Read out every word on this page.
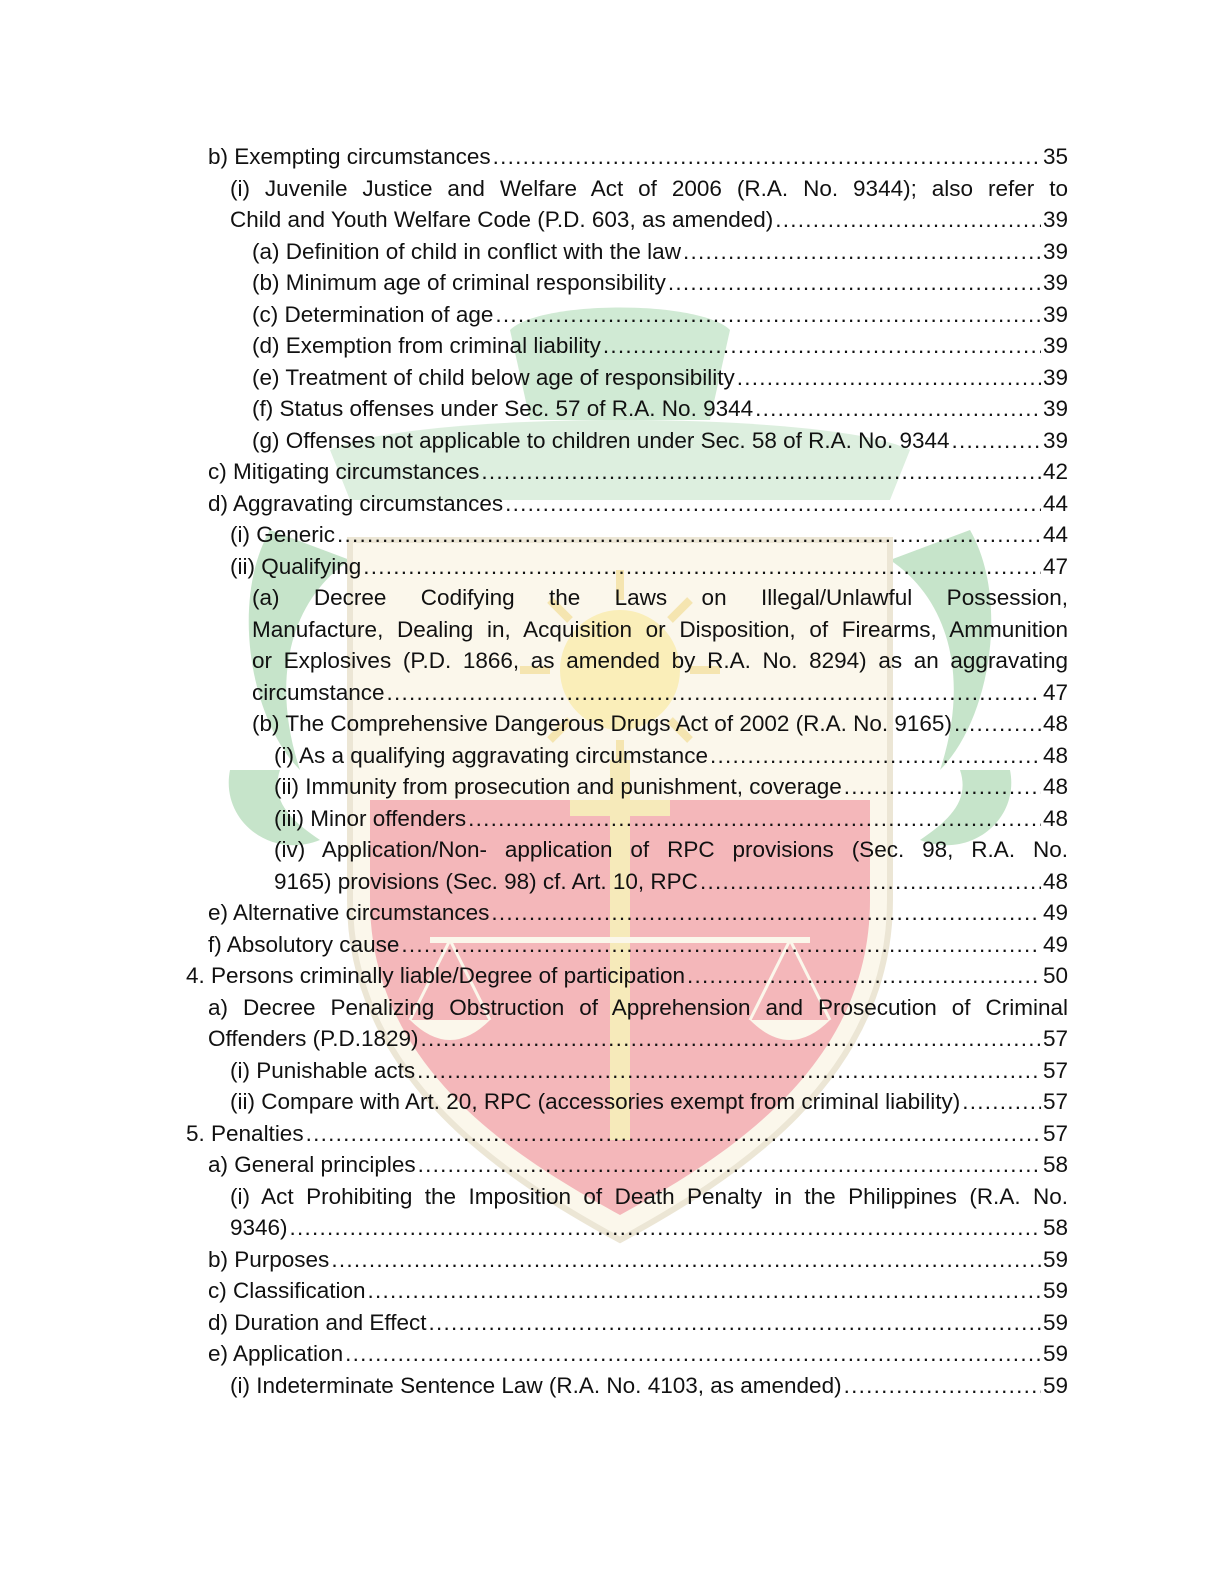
b) Exempting circumstances . . .	35
(i) Juvenile Justice and Welfare Act of 2006 (R.A. No. 9344); also refer to
Child and Youth Welfare Code (P.D. 603, as amended) . . .	39
(a) Definition of child in conflict with the law . . .	39
(b) Minimum age of criminal responsibility . . .	39
(c) Determination of age . . .	39
(d) Exemption from criminal liability . . .	39
(e) Treatment of child below age of responsibility . . .	39
(f) Status offenses under Sec. 57 of R.A. No. 9344 . . .	39
(g) Offenses not applicable to children under Sec. 58 of R.A. No. 9344 . . .	39
c) Mitigating circumstances . . .	42
d) Aggravating circumstances . . .	44
(i) Generic . . .	44
(ii) Qualifying . . .	47
(a) Decree Codifying the Laws on Illegal/Unlawful Possession,
Manufacture, Dealing in, Acquisition or Disposition, of Firearms, Ammunition
or Explosives (P.D. 1866, as amended by R.A. No. 8294) as an aggravating
circumstance . . .	47
(b) The Comprehensive Dangerous Drugs Act of 2002 (R.A. No. 9165) . . .	48
(i) As a qualifying aggravating circumstance . . .	48
(ii) Immunity from prosecution and punishment, coverage . . .	48
(iii) Minor offenders . . .	48
(iv) Application/Non- application of RPC provisions (Sec. 98, R.A. No.
9165) provisions (Sec. 98) cf. Art. 10, RPC . . .	48
e) Alternative circumstances . . .	49
f) Absolutory cause . . .	49
4. Persons criminally liable/Degree of participation . . .	50
a) Decree Penalizing Obstruction of Apprehension and Prosecution of Criminal
Offenders (P.D.1829) . . .	57
(i) Punishable acts . . .	57
(ii) Compare with Art. 20, RPC (accessories exempt from criminal liability) . . .	57
5. Penalties . . .	57
a) General principles . . .	58
(i) Act Prohibiting the Imposition of Death Penalty in the Philippines (R.A. No.
9346) . . .	58
b) Purposes . . .	59
c) Classification . . .	59
d) Duration and Effect . . .	59
e) Application . . .	59
(i) Indeterminate Sentence Law (R.A. No. 4103, as amended) . . .	59
